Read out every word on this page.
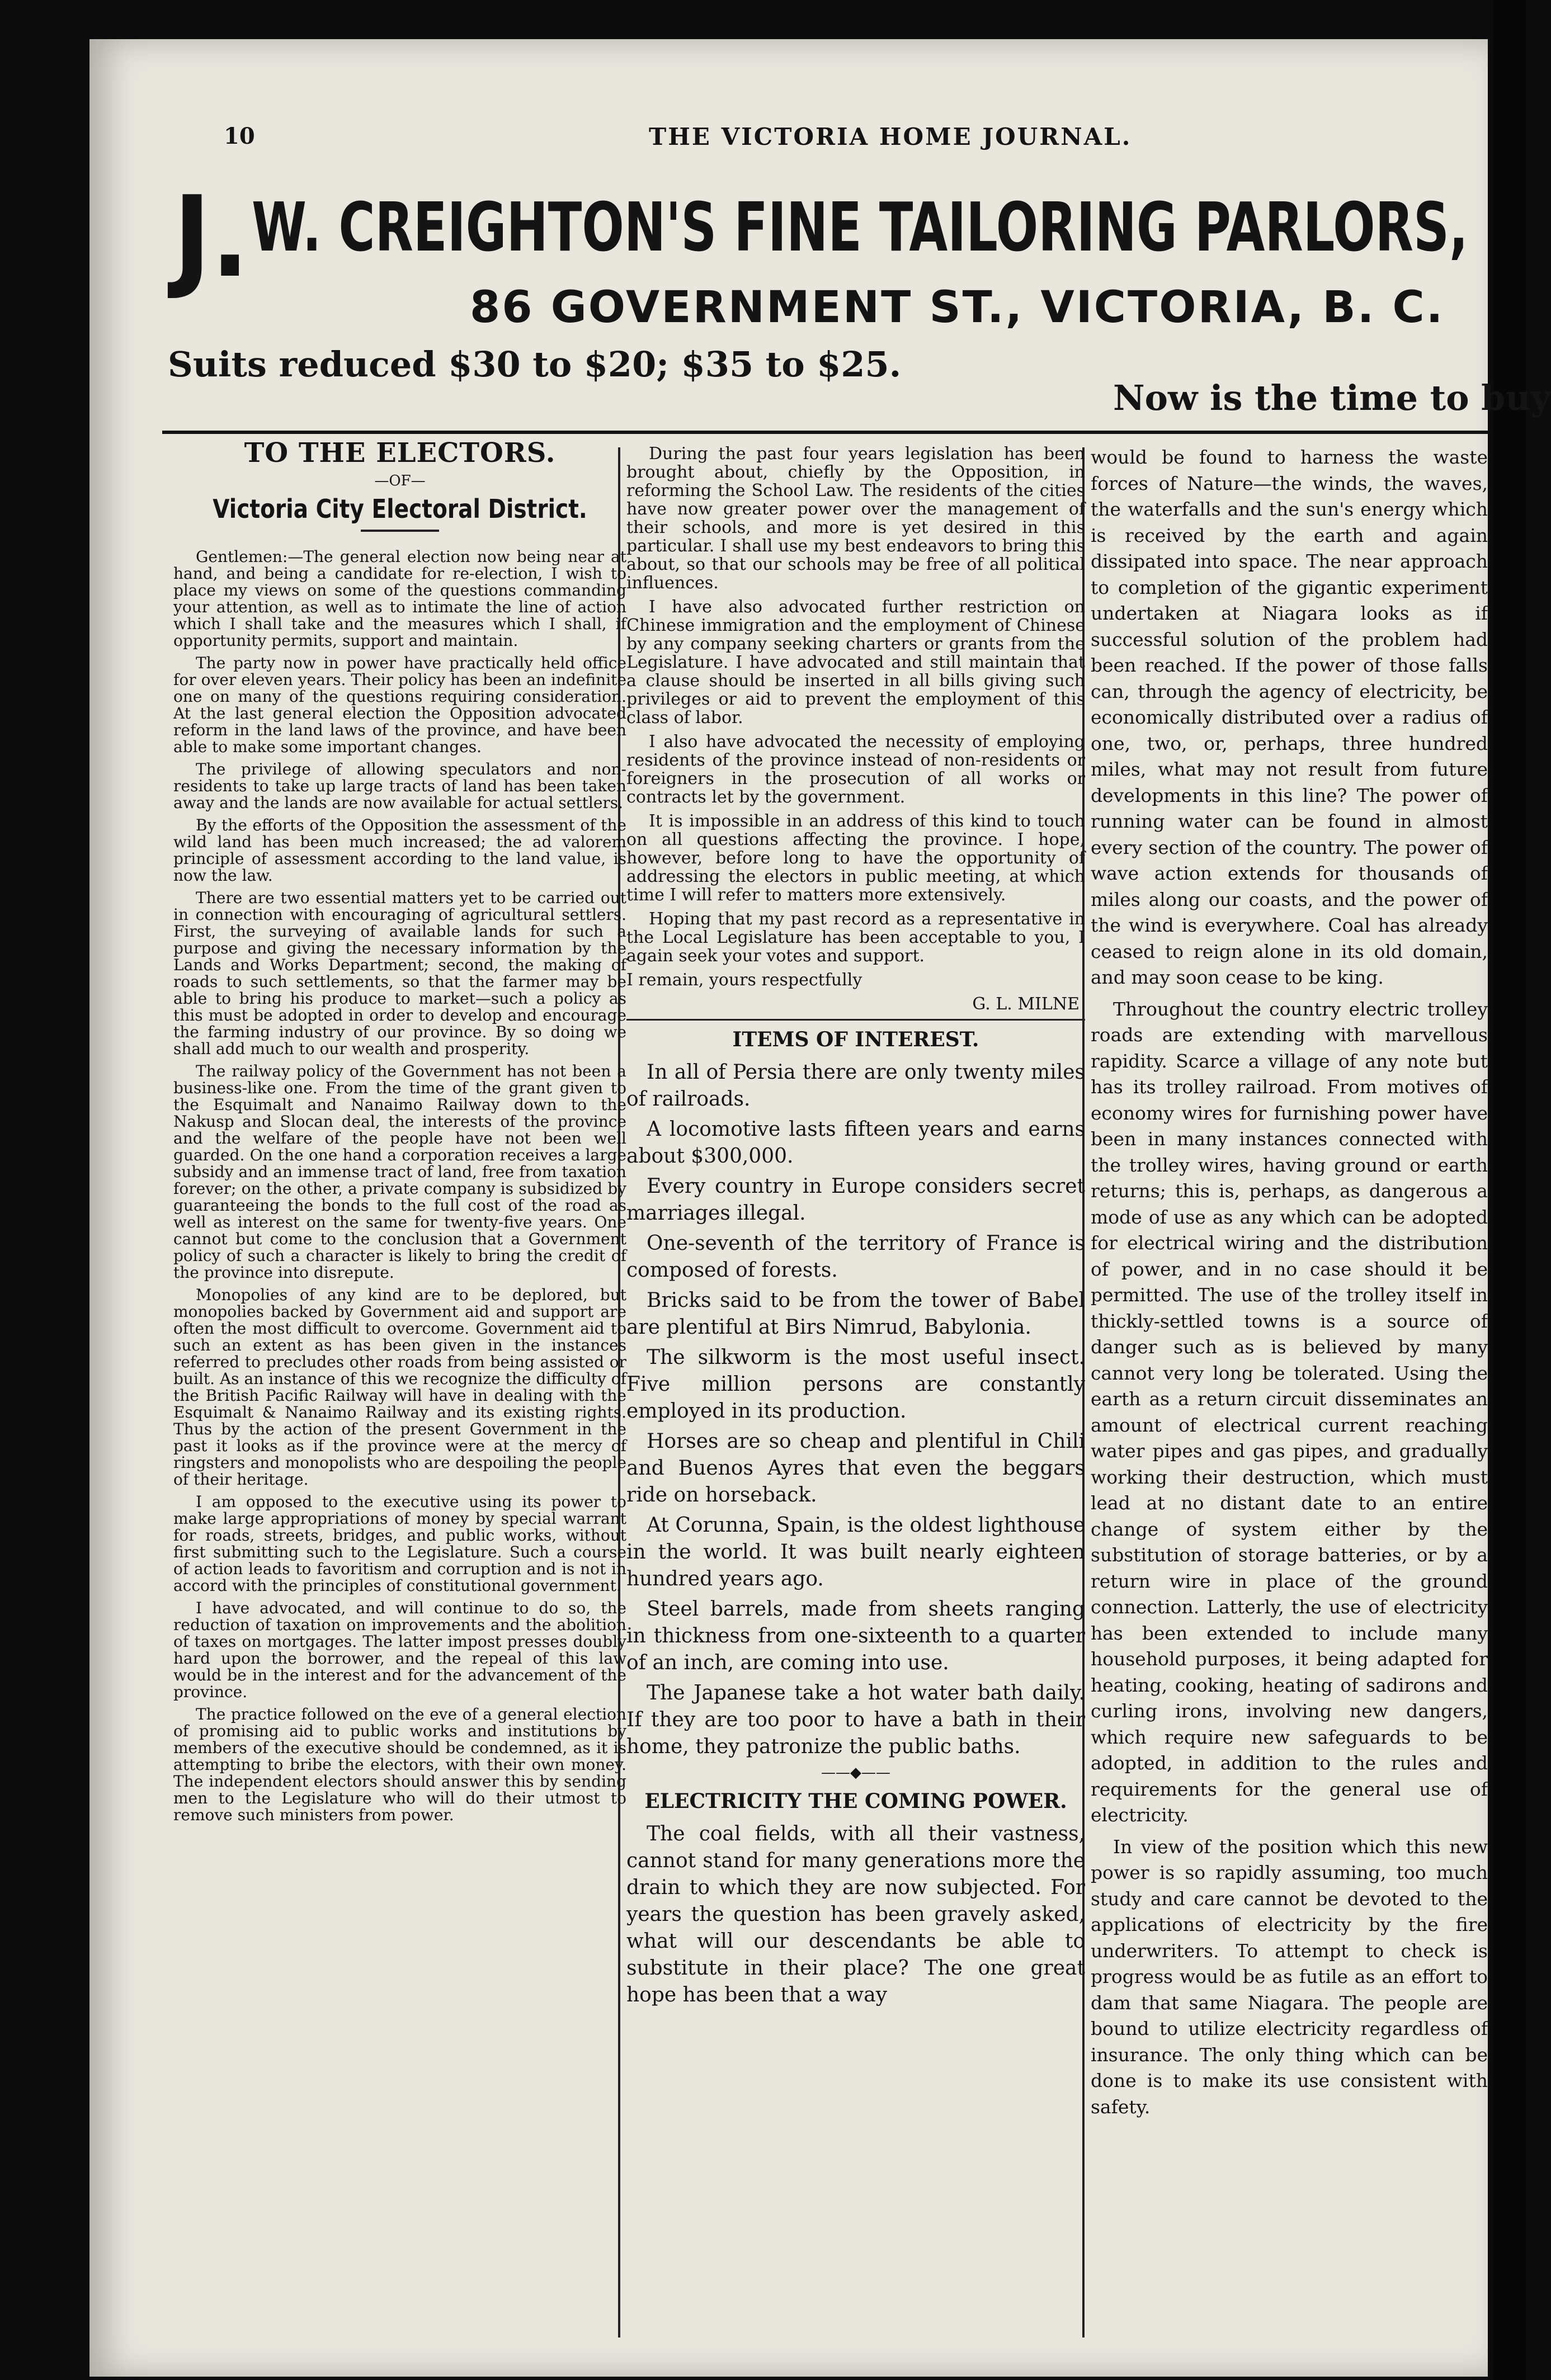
10	THE VICTORIA HOME JOURNAL.
J. W. CREIGHTON'S FINE TAILORING PARLORS,
86 GOVERNMENT ST., VICTORIA, B. C.
Suits reduced $30 to $20; $35 to $25.
Now is the time to buy
TO THE ELECTORS.
—OF—
Victoria City Electoral District.

Gentlemen:—The general election now being near at hand, and being a candidate for re-election, I wish to place my views on some of the questions commanding your attention, as well as to intimate the line of action which I shall take and the measures which I shall, if opportunity permits, support and maintain.

The party now in power have practically held office for over eleven years. Their policy has been an indefinite one on many of the questions requiring consideration. At the last general election the Opposition advocated reform in the land laws of the province, and have been able to make some important changes.

The privilege of allowing speculators and non-residents to take up large tracts of land has been taken away and the lands are now available for actual settlers.

By the efforts of the Opposition the assessment of the wild land has been much increased; the ad valorem principle of assessment according to the land value, is now the law.

There are two essential matters yet to be carried out in connection with encouraging of agricultural settlers. First, the surveying of available lands for such a purpose and giving the necessary information by the Lands and Works Department; second, the making of roads to such settlements, so that the farmer may be able to bring his produce to market—such a policy as this must be adopted in order to develop and encourage the farming industry of our province. By so doing we shall add much to our wealth and prosperity.

The railway policy of the Government has not been a business-like one. From the time of the grant given to the Esquimalt and Nanaimo Railway down to the Nakusp and Slocan deal, the interests of the province and the welfare of the people have not been well guarded. On the one hand a corporation receives a large subsidy and an immense tract of land, free from taxation forever; on the other, a private company is subsidized by guaranteeing the bonds to the full cost of the road as well as interest on the same for twenty-five years. One cannot but come to the conclusion that a Government policy of such a character is likely to bring the credit of the province into disrepute.

Monopolies of any kind are to be deplored, but monopolies backed by Government aid and support are often the most difficult to overcome. Government aid to such an extent as has been given in the instances referred to precludes other roads from being assisted or built. As an instance of this we recognize the difficulty of the British Pacific Railway will have in dealing with the Esquimalt & Nanaimo Railway and its existing rights. Thus by the action of the present Government in the past it looks as if the province were at the mercy of ringsters and monopolists who are despoiling the people of their heritage.

I am opposed to the executive using its power to make large appropriations of money by special warrant for roads, streets, bridges, and public works, without first submitting such to the Legislature. Such a course of action leads to favoritism and corruption and is not in accord with the principles of constitutional government.

I have advocated, and will continue to do so, the reduction of taxation on improvements and the abolition of taxes on mortgages. The latter impost presses doubly hard upon the borrower, and the repeal of this law would be in the interest and for the advancement of the province.

The practice followed on the eve of a general election of promising aid to public works and institutions by members of the executive should be condemned, as it is attempting to bribe the electors, with their own money. The independent electors should answer this by sending men to the Legislature who will do their utmost to remove such ministers from power.

During the past four years legislation has been brought about, chiefly by the Opposition, in reforming the School Law. The residents of the cities have now greater power over the management of their schools, and more is yet desired in this particular. I shall use my best endeavors to bring this about, so that our schools may be free of all political influences.

I have also advocated further restriction on Chinese immigration and the employment of Chinese by any company seeking charters or grants from the Legislature. I have advocated and still maintain that a clause should be inserted in all bills giving such privileges or aid to prevent the employment of this class of labor.

I also have advocated the necessity of employing residents of the province instead of non-residents or foreigners in the prosecution of all works or contracts let by the government.

It is impossible in an address of this kind to touch on all questions affecting the province. I hope, however, before long to have the opportunity of addressing the electors in public meeting, at which time I will refer to matters more extensively.

Hoping that my past record as a representative in the Local Legislature has been acceptable to you, I again seek your votes and support.

I remain, yours respectfully

G. L. MILNE
ITEMS OF INTEREST.

In all of Persia there are only twenty miles of railroads.

A locomotive lasts fifteen years and earns about $300,000.

Every country in Europe considers secret marriages illegal.

One-seventh of the territory of France is composed of forests.

Bricks said to be from the tower of Babel are plentiful at Birs Nimrud, Babylonia.

The silkworm is the most useful insect. Five million persons are constantly employed in its production.

Horses are so cheap and plentiful in Chili and Buenos Ayres that even the beggars ride on horseback.

At Corunna, Spain, is the oldest lighthouse in the world. It was built nearly eighteen hundred years ago.

Steel barrels, made from sheets ranging in thickness from one-sixteenth to a quarter of an inch, are coming into use.

The Japanese take a hot water bath daily. If they are too poor to have a bath in their home, they patronize the public baths.

——◆——
ELECTRICITY THE COMING POWER.

The coal fields, with all their vastness, cannot stand for many generations more the drain to which they are now subjected. For years the question has been gravely asked, what will our descendants be able to substitute in their place? The one great hope has been that a way

would be found to harness the waste forces of Nature—the winds, the waves, the waterfalls and the sun's energy which is received by the earth and again dissipated into space. The near approach to completion of the gigantic experiment undertaken at Niagara looks as if successful solution of the problem had been reached. If the power of those falls can, through the agency of electricity, be economically distributed over a radius of one, two, or, perhaps, three hundred miles, what may not result from future developments in this line? The power of running water can be found in almost every section of the country. The power of wave action extends for thousands of miles along our coasts, and the power of the wind is everywhere. Coal has already ceased to reign alone in its old domain, and may soon cease to be king.

Throughout the country electric trolley roads are extending with marvellous rapidity. Scarce a village of any note but has its trolley railroad. From motives of economy wires for furnishing power have been in many instances connected with the trolley wires, having ground or earth returns; this is, perhaps, as dangerous a mode of use as any which can be adopted for electrical wiring and the distribution of power, and in no case should it be permitted. The use of the trolley itself in thickly-settled towns is a source of danger such as is believed by many cannot very long be tolerated. Using the earth as a return circuit disseminates an amount of electrical current reaching water pipes and gas pipes, and gradually working their destruction, which must lead at no distant date to an entire change of system either by the substitution of storage batteries, or by a return wire in place of the ground connection. Latterly, the use of electricity has been extended to include many household purposes, it being adapted for heating, cooking, heating of sadirons and curling irons, involving new dangers, which require new safeguards to be adopted, in addition to the rules and requirements for the general use of electricity.

In view of the position which this new power is so rapidly assuming, too much study and care cannot be devoted to the applications of electricity by the fire underwriters. To attempt to check is progress would be as futile as an effort to dam that same Niagara. The people are bound to utilize electricity regardless of insurance. The only thing which can be done is to make its use consistent with safety.
